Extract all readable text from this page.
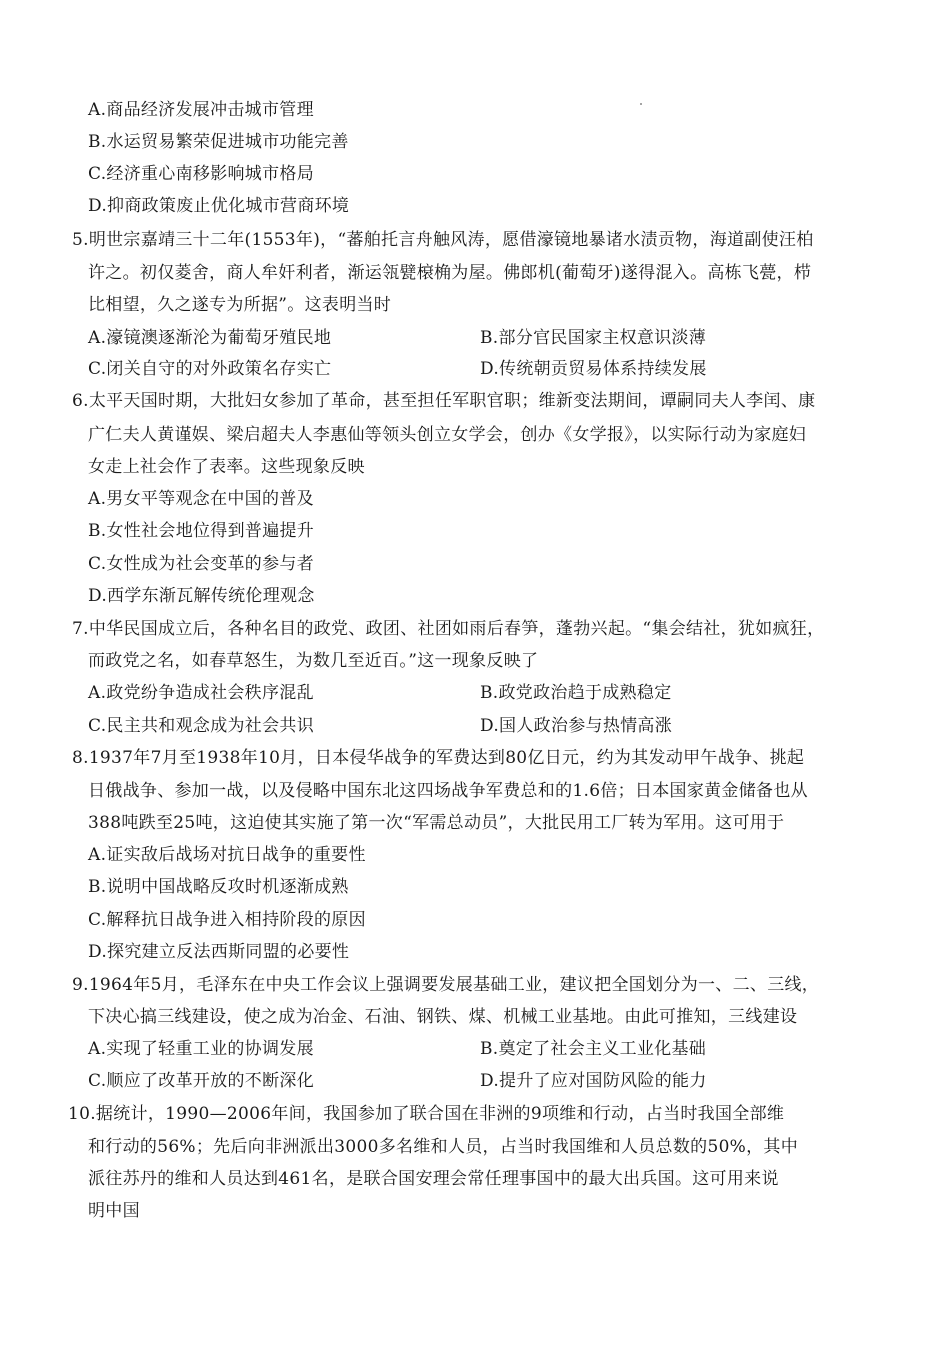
A.商品经济发展冲击城市管理
B.水运贸易繁荣促进城市功能完善
C.经济重心南移影响城市格局
D.抑商政策废止优化城市营商环境
5.明世宗嘉靖三十二年(1553年)，“蕃舶托言舟触风涛，愿借濠镜地暴诸水渍贡物，海道副使汪柏
许之。初仅菱舍，商人牟奸利者，渐运瓴甓榱桷为屋。佛郎机(葡萄牙)遂得混入。高栋飞甍，栉
比相望，久之遂专为所据”。这表明当时
A.濠镜澳逐渐沦为葡萄牙殖民地	B.部分官民国家主权意识淡薄
C.闭关自守的对外政策名存实亡	D.传统朝贡贸易体系持续发展
6.太平天国时期，大批妇女参加了革命，甚至担任军职官职；维新变法期间，谭嗣同夫人李闰、康
广仁夫人黄谨娱、梁启超夫人李惠仙等领头创立女学会，创办《女学报》，以实际行动为家庭妇
女走上社会作了表率。这些现象反映
A.男女平等观念在中国的普及
B.女性社会地位得到普遍提升
C.女性成为社会变革的参与者
D.西学东渐瓦解传统伦理观念
7.中华民国成立后，各种名目的政党、政团、社团如雨后春笋，蓬勃兴起。“集会结社，犹如疯狂，
而政党之名，如春草怒生，为数几至近百。”这一现象反映了
A.政党纷争造成社会秩序混乱	B.政党政治趋于成熟稳定
C.民主共和观念成为社会共识	D.国人政治参与热情高涨
8.1937年7月至1938年10月，日本侵华战争的军费达到80亿日元，约为其发动甲午战争、挑起
日俄战争、参加一战，以及侵略中国东北这四场战争军费总和的1.6倍；日本国家黄金储备也从
388吨跌至25吨，这迫使其实施了第一次“军需总动员”，大批民用工厂转为军用。这可用于
A.证实敌后战场对抗日战争的重要性
B.说明中国战略反攻时机逐渐成熟
C.解释抗日战争进入相持阶段的原因
D.探究建立反法西斯同盟的必要性
9.1964年5月，毛泽东在中央工作会议上强调要发展基础工业，建议把全国划分为一、二、三线，
下决心搞三线建设，使之成为冶金、石油、钢铁、煤、机械工业基地。由此可推知，三线建设
A.实现了轻重工业的协调发展	B.奠定了社会主义工业化基础
C.顺应了改革开放的不断深化	D.提升了应对国防风险的能力
10.据统计，1990—2006年间，我国参加了联合国在非洲的9项维和行动，占当时我国全部维
和行动的56%；先后向非洲派出3000多名维和人员，占当时我国维和人员总数的50%，其中
派往苏丹的维和人员达到461名，是联合国安理会常任理事国中的最大出兵国。这可用来说
明中国
